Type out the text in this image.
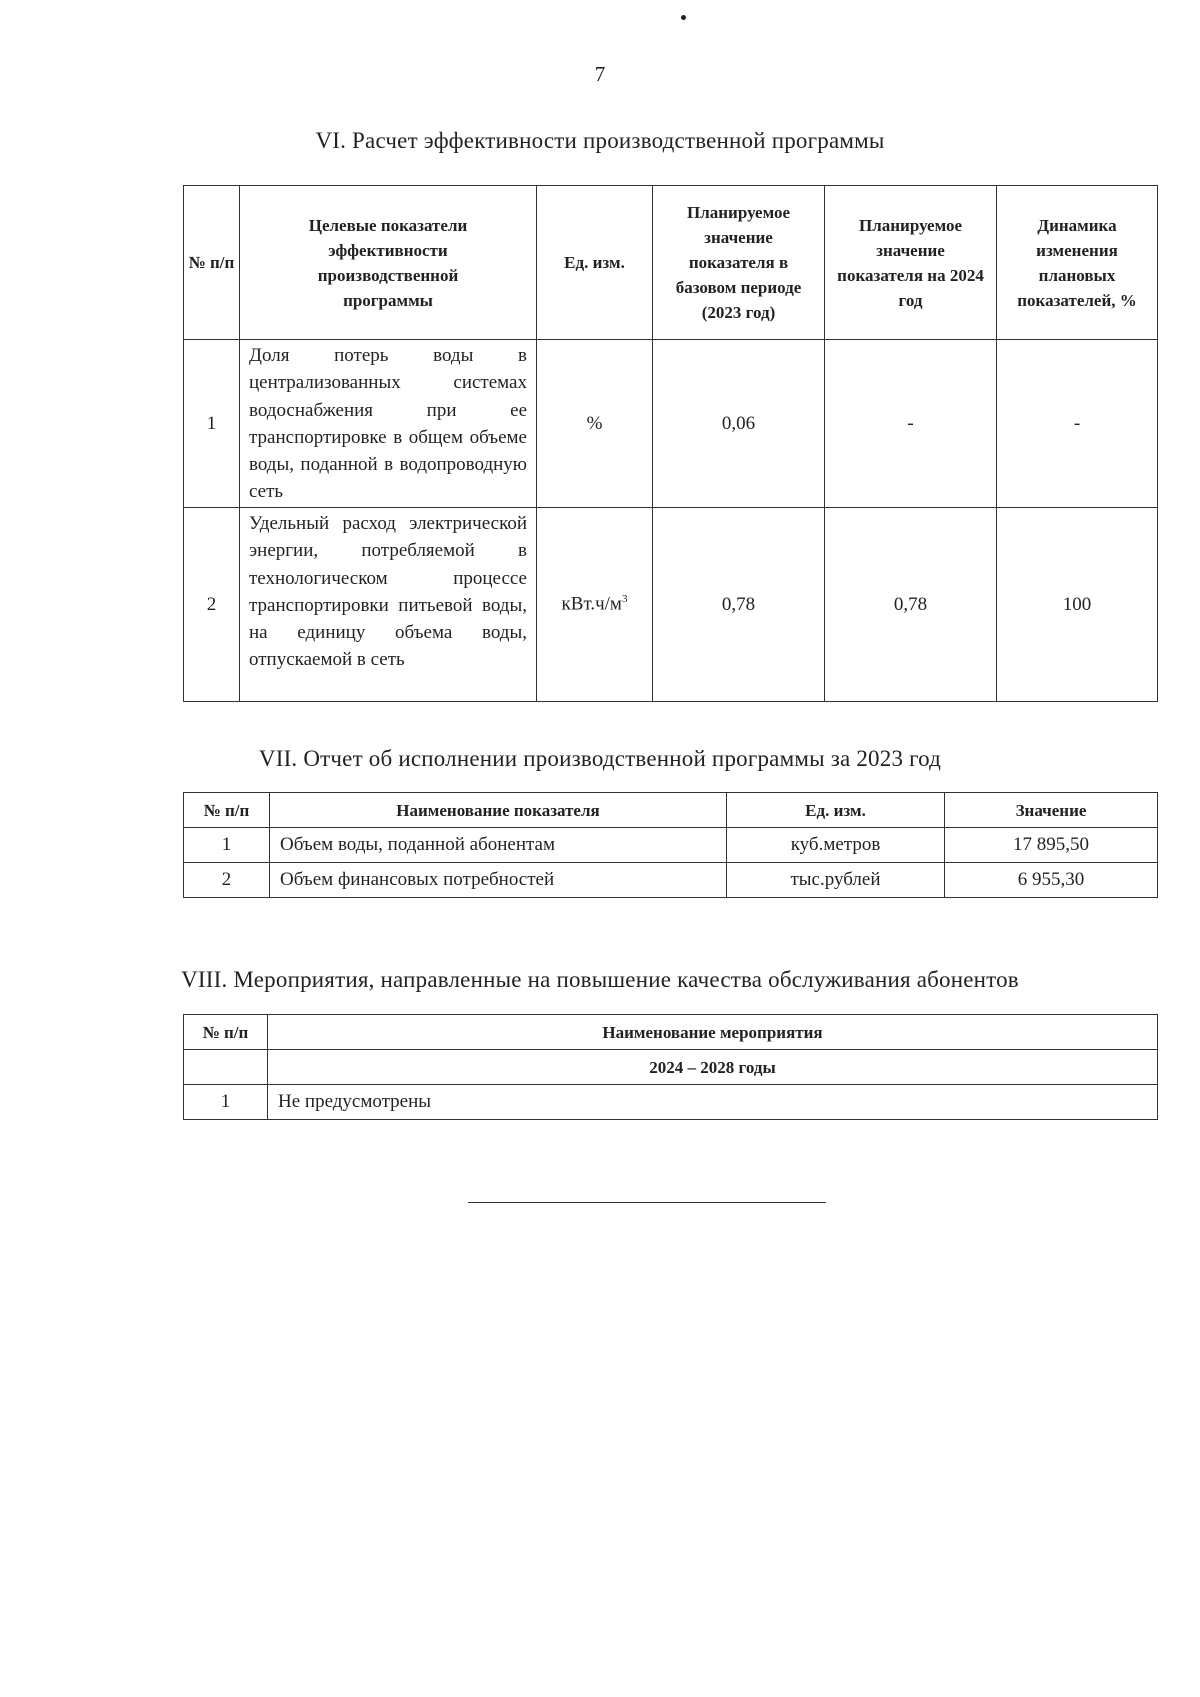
7
VI. Расчет эффективности производственной программы
№ п/п	Целевые показатели эффективности производственной программы	Ед. изм.	Планируемое значение показателя в базовом периоде (2023 год)	Планируемое значение показателя на 2024 год	Динамика изменения плановых показателей, %
1	Доля потерь воды в централизованных системах водоснабжения при ее транспортировке в общем объеме воды, поданной в водопроводную сеть	%	0,06	-	-
2	Удельный расход электрической энергии, потребляемой в технологическом процессе транспортировки питьевой воды, на единицу объема воды, отпускаемой в сеть	$кВт.ч/м^3$	0,78	0,78	100
VII. Отчет об исполнении производственной программы за 2023 год
№ п/п	Наименование показателя	Ед. изм.	Значение
1	Объем воды, поданной абонентам	куб.метров	17 895,50
2	Объем финансовых потребностей	тыс.рублей	6 955,30
VIII. Мероприятия, направленные на повышение качества обслуживания абонентов
№ п/п	Наименование мероприятия
	2024 – 2028 годы
1	Не предусмотрены
